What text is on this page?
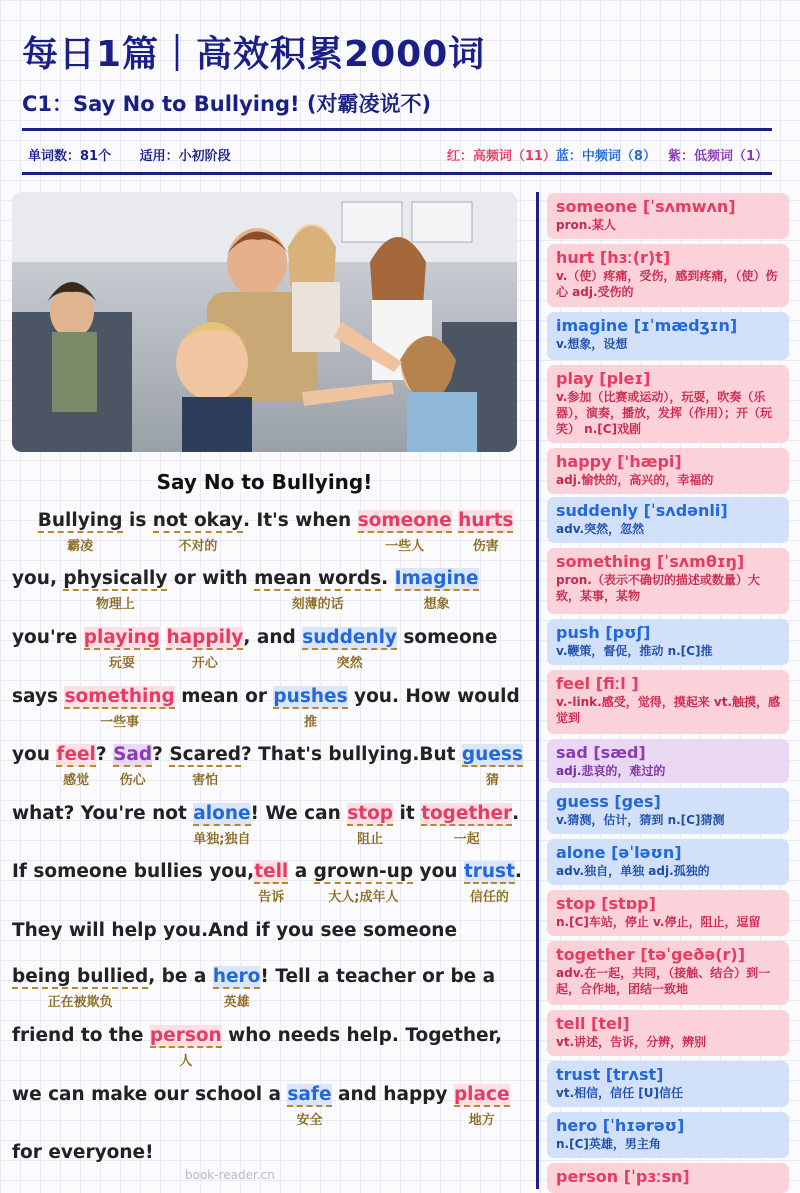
每日1篇｜高效积累2000词
C1：Say No to Bullying! (对霸凌说不)
单词数：81个 适用：小初阶段	红：高频词（11）蓝：中频词（8） 紫：低频词（1）
Say No to Bullying!
Bullying
霸凌
is not okay
不对的
. It's when someone
一些人
hurts
伤害
you, physically
物理上
or with mean words
刻薄的话
. Imagine
想象
you're playing
玩耍
happily
开心
, and suddenly
突然
someone
says something
一些事
mean or pushes
推
you. How would
you feel
感觉
? Sad
伤心
? Scared
害怕
? That's bullying.But guess
猜
what? You're not alone
单独;独自
! We can stop
阻止
it together
一起
.
If someone bullies you,tell
告诉
a grown-up
大人;成年人
you trust
信任的
.
They will help you.And if you see someone
being bullied
正在被欺负
, be a hero
英雄
! Tell a teacher or be a
friend to the person
人
who needs help. Together,
we can make our school a safe
安全
and happy place
地方
for everyone!
someone [ˈsʌmwʌn]
pron.某人
hurt [hɜː(r)t]
v.（使）疼痛，受伤，感到疼痛，（使）伤心 adj.受伤的
imagine [ɪˈmædʒɪn]
v.想象，设想
play [pleɪ]
v.参加（比赛或运动），玩耍，吹奏（乐器），演奏，播放，发挥（作用）；开（玩笑） n.[C]戏剧
happy ['hæpi]
adj.愉快的，高兴的，幸福的
suddenly [ˈsʌdənli]
adv.突然，忽然
something [ˈsʌmθɪŋ]
pron.（表示不确切的描述或数量）大致，某事，某物
push [pʊʃ]
v.鞭策，督促，推动 n.[C]推
feel [fiːl ]
v.-link.感受，觉得，摸起来 vt.触摸，感觉到
sad [sæd]
adj.悲哀的，难过的
guess [ges]
v.猜测，估计，猜到 n.[C]猜测
alone [əˈləʊn]
adv.独自，单独 adj.孤独的
stop [stɒp]
n.[C]车站，停止 v.停止，阻止，逗留
together [təˈgeðə(r)]
adv.在一起，共同，（接触、结合）到一起，合作地，团结一致地
tell [tel]
vt.讲述，告诉，分辨，辨别
trust [trʌst]
vt.相信，信任 [U]信任
hero [ˈhɪərəʊ]
n.[C]英雄，男主角
person [ˈpɜːsn]
book-reader.cn
